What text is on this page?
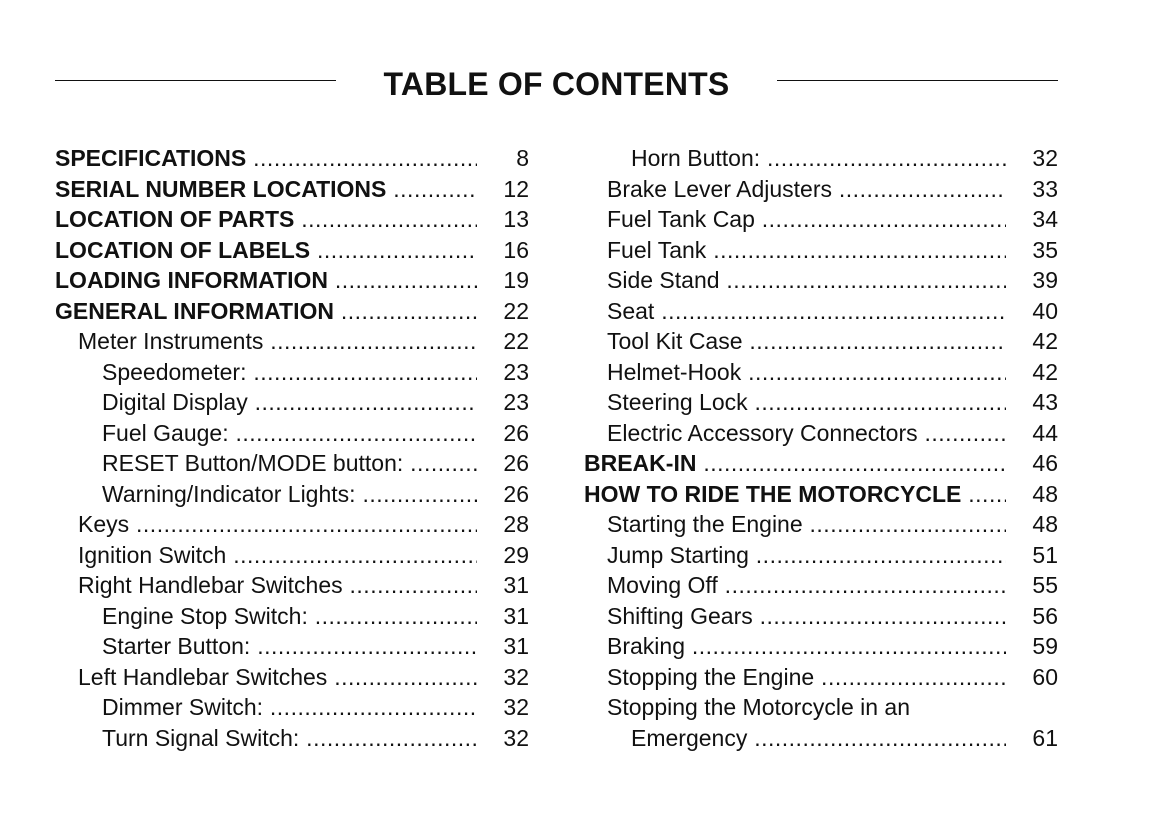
TABLE OF CONTENTS
SPECIFICATIONS .....	8
SERIAL NUMBER LOCATIONS .....	12
LOCATION OF PARTS .....	13
LOCATION OF LABELS .....	16
LOADING INFORMATION .....	19
GENERAL INFORMATION .....	22
Meter Instruments .....	22
Speedometer: .....	23
Digital Display .....	23
Fuel Gauge: .....	26
RESET Button/MODE button: .....	26
Warning/Indicator Lights: .....	26
Keys .....	28
Ignition Switch .....	29
Right Handlebar Switches .....	31
Engine Stop Switch: .....	31
Starter Button: .....	31
Left Handlebar Switches .....	32
Dimmer Switch: .....	32
Turn Signal Switch: .....	32
Horn Button: .....	32
Brake Lever Adjusters .....	33
Fuel Tank Cap .....	34
Fuel Tank .....	35
Side Stand .....	39
Seat .....	40
Tool Kit Case .....	42
Helmet-Hook .....	42
Steering Lock .....	43
Electric Accessory Connectors .....	44
BREAK-IN .....	46
HOW TO RIDE THE MOTORCYCLE .....	48
Starting the Engine .....	48
Jump Starting .....	51
Moving Off .....	55
Shifting Gears .....	56
Braking .....	59
Stopping the Engine .....	60
Stopping the Motorcycle in an
Emergency .....	61
